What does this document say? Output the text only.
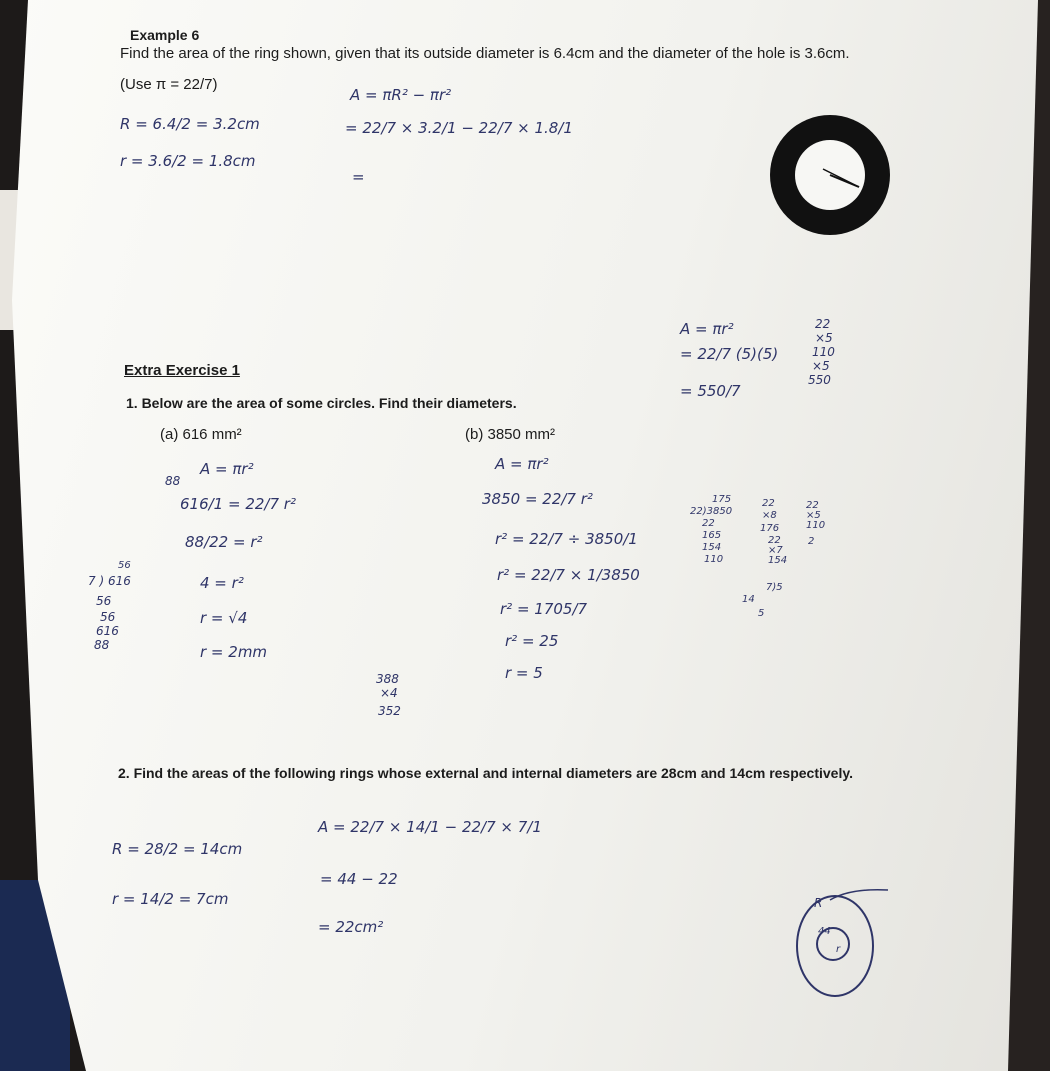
Example 6
Find the area of the ring shown, given that its outside diameter is 6.4cm and the diameter of the hole is 3.6cm.
(Use π = 22/7)
A = πR² − πr²
R = 6.4/2 = 3.2cm	= 22/7 × 3.2/1 − 22/7 × 1.8/1
r = 3.6/2 = 1.8cm
=
A = πr²
= 22/7 (5)(5)
= 550/7
22
×5
110
×5
550
Extra Exercise 1
1. Below are the area of some circles. Find their diameters.
(a) 616 mm²	(b) 3850 mm²
88
A = πr²
616/1 = 22/7 r²
88/22 = r²
4 = r²
r = √4
r = 2mm
56
7 ) 616
56
56
616
88
A = πr²
3850 = 22/7 r²
r² = 22/7 ÷ 3850/1
r² = 22/7 × 1/3850
r² = 1705/7
r² = 25
r = 5
388
×4
352
175
22)3850
22
165
154
110
22
×8
176
22
×7
154
22
×5
110
2
7)5
14
5
2. Find the areas of the following rings whose external and internal diameters are 28cm and 14cm respectively.
A = 22/7 × 14/1 − 22/7 × 7/1
R = 28/2 = 14cm
= 44 − 22
r = 14/2 = 7cm
= 22cm²
R
44
r
